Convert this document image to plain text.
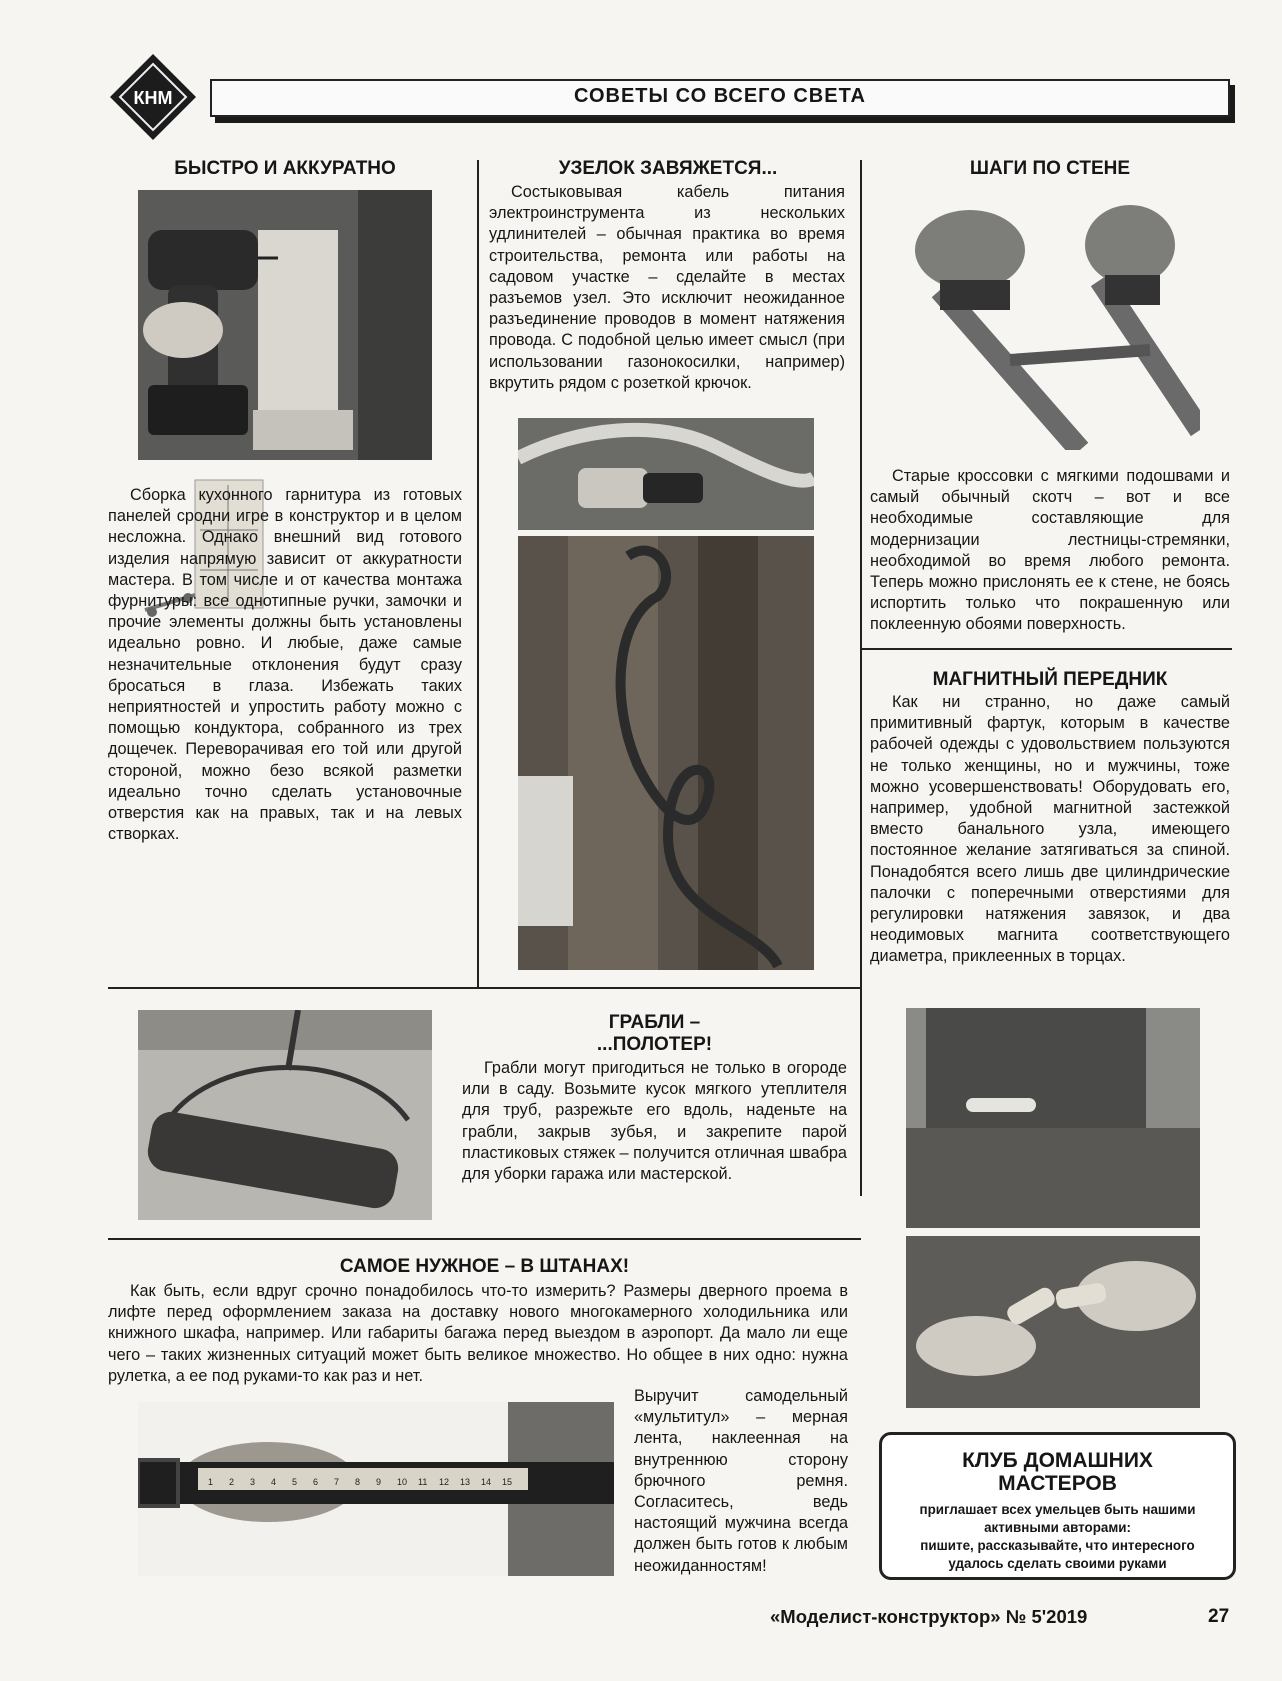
КНМ	СОВЕТЫ СО ВСЕГО СВЕТА
БЫСТРО И АККУРАТНО

Сборка кухонного гарнитура из готовых панелей сродни игре в конструктор и в целом несложна. Однако внешний вид готового изделия напрямую зависит от аккуратности мастера. В том числе и от качества монтажа фурнитуры: все однотипные ручки, замочки и прочие элементы должны быть установлены идеально ровно. И любые, даже самые незначительные отклонения будут сразу бросаться в глаза. Избежать таких неприятностей и упростить работу можно с помощью кондуктора, собранного из трех дощечек. Переворачивая его той или другой стороной, можно безо всякой разметки идеально точно сделать установочные отверстия как на правых, так и на левых створках.

УЗЕЛОК ЗАВЯЖЕТСЯ...

Состыковывая кабель питания электроинструмента из нескольких удлинителей – обычная практика во время строительства, ремонта или работы на садовом участке – сделайте в местах разъемов узел. Это исключит неожиданное разъединение проводов в момент натяжения провода. С подобной целью имеет смысл (при использовании газонокосилки, например) вкрутить рядом с розеткой крючок.

ШАГИ ПО СТЕНЕ

Старые кроссовки с мягкими подошвами и самый обычный скотч – вот и все необходимые составляющие для модернизации лестницы-стремянки, необходимой во время любого ремонта. Теперь можно прислонять ее к стене, не боясь испортить только что покрашенную или поклеенную обоями поверхность.

МАГНИТНЫЙ ПЕРЕДНИК

Как ни странно, но даже самый примитивный фартук, которым в качестве рабочей одежды с удовольствием пользуются не только женщины, но и мужчины, тоже можно усовершенствовать! Оборудовать его, например, удобной магнитной застежкой вместо банального узла, имеющего постоянное желание затягиваться за спиной. Понадобятся всего лишь две цилиндрические палочки с поперечными отверстиями для регулировки натяжения завязок, и два неодимовых магнита соответствующего диаметра, приклеенных в торцах.

ГРАБЛИ –
...ПОЛОТЕР!

Грабли могут пригодиться не только в огороде или в саду. Возьмите кусок мягкого утеплителя для труб, разрежьте его вдоль, наденьте на грабли, закрыв зубья, и закрепите парой пластиковых стяжек – получится отличная швабра для уборки гаража или мастерской.

САМОЕ НУЖНОЕ – В ШТАНАХ!

Как быть, если вдруг срочно понадобилось что-то измерить? Размеры дверного проема в лифте перед оформлением заказа на доставку нового многокамерного холодильника или книжного шкафа, например. Или габариты багажа перед выездом в аэропорт. Да мало ли еще чего – таких жизненных ситуаций может быть великое множество. Но общее в них одно: нужна рулетка, а ее под руками-то как раз и нет.

1 2 3 4 5 6 7 8 9 10 11 12 13 14 15

Выручит самодельный «мультитул» – мерная лента, наклеенная на внутреннюю сторону брючного ремня. Согласитесь, ведь настоящий мужчина всегда должен быть готов к любым неожиданностям!

КЛУБ ДОМАШНИХ
МАСТЕРОВ
приглашает всех умельцев быть нашими
активными авторами:
пишите, рассказывайте, что интересного
удалось сделать своими руками
«Моделист-конструктор» № 5'2019	27
